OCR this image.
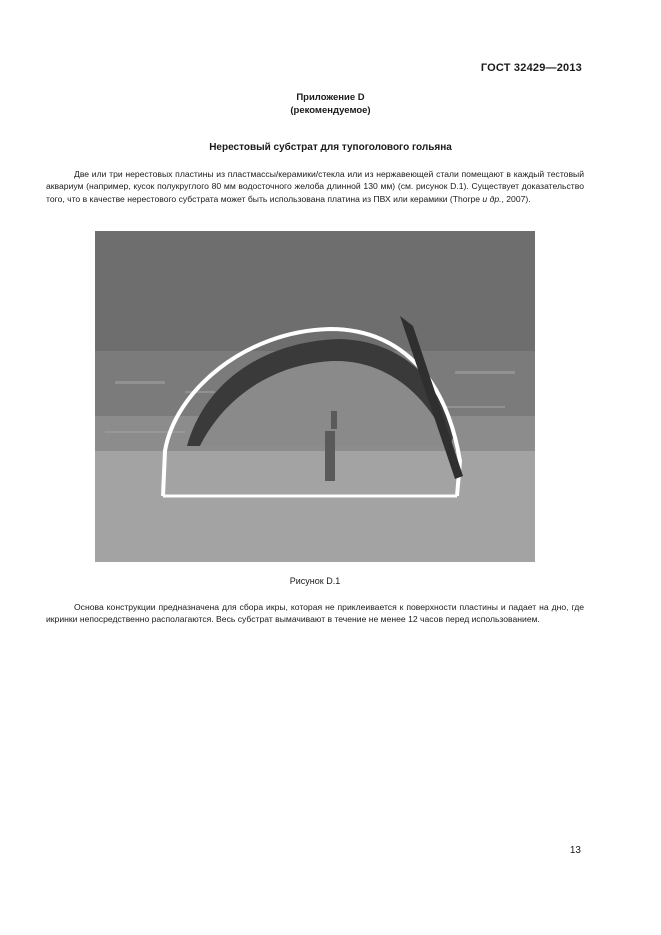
ГОСТ 32429—2013
Приложение D
(рекомендуемое)
Нерестовый субстрат для тупоголового гольяна
Две или три нерестовых пластины из пластмассы/керамики/стекла или из нержавеющей стали помещают в каждый тестовый аквариум (например, кусок полукруглого 80 мм водосточного желоба длинной 130 мм) (см. рисунок D.1). Существует доказательство того, что в качестве нерестового субстрата может быть использована платина из ПВХ или керамики (Thorpe и др., 2007).
Рисунок D.1
Основа конструкции предназначена для сбора икры, которая не приклеивается к поверхности пластины и падает на дно, где икринки непосредственно располагаются. Весь субстрат вымачивают в течение не менее 12 часов перед использованием.
13
